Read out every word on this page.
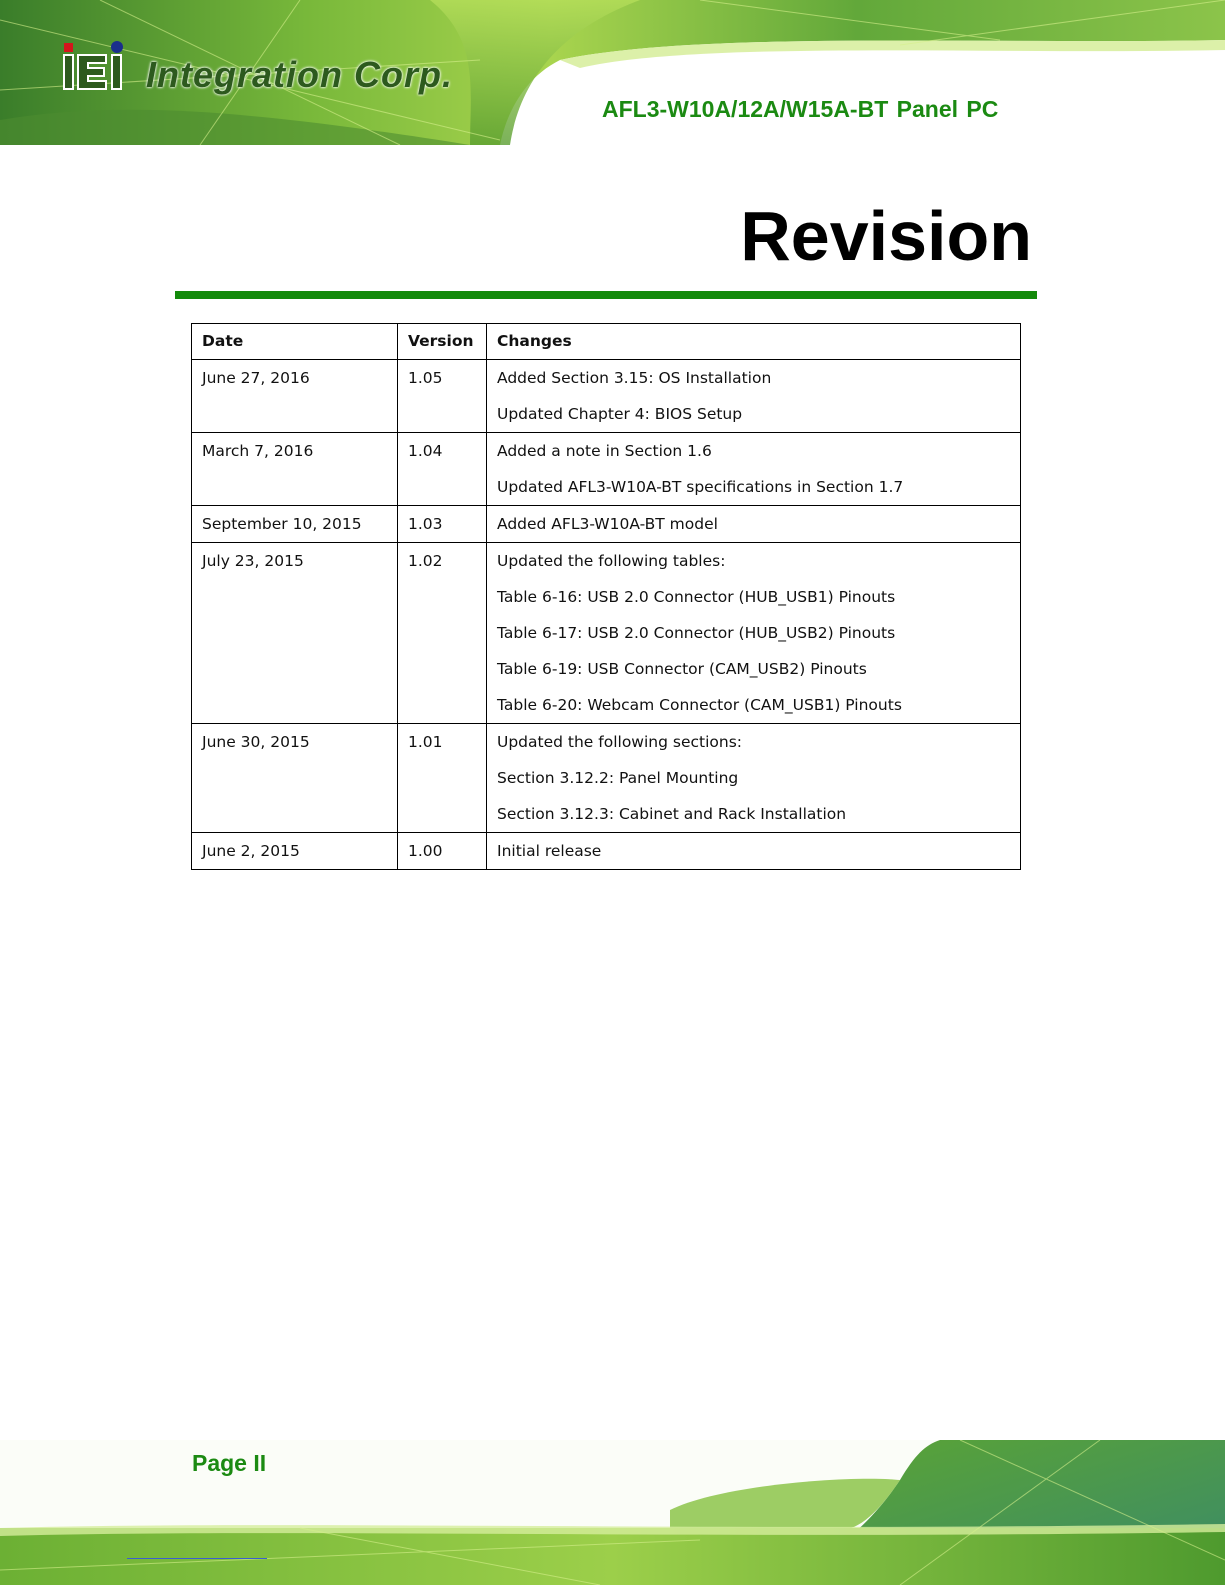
Integration Corp.
AFL3-W10A/12A/W15A-BT Panel PC
Revision
Date	Version	Changes
June 27, 2016	1.05	Added Section 3.15: OS Installation
Updated Chapter 4: BIOS Setup

March 7, 2016	1.04	Added a note in Section 1.6
Updated AFL3-W10A-BT specifications in Section 1.7

September 10, 2015	1.03	Added AFL3-W10A-BT model

July 23, 2015	1.02	Updated the following tables:
Table 6-16: USB 2.0 Connector (HUB_USB1) Pinouts
Table 6-17: USB 2.0 Connector (HUB_USB2) Pinouts
Table 6-19: USB Connector (CAM_USB2) Pinouts
Table 6-20: Webcam Connector (CAM_USB1) Pinouts

June 30, 2015	1.01	Updated the following sections:
Section 3.12.2: Panel Mounting
Section 3.12.3: Cabinet and Rack Installation

June 2, 2015	1.00	Initial release
Page II
